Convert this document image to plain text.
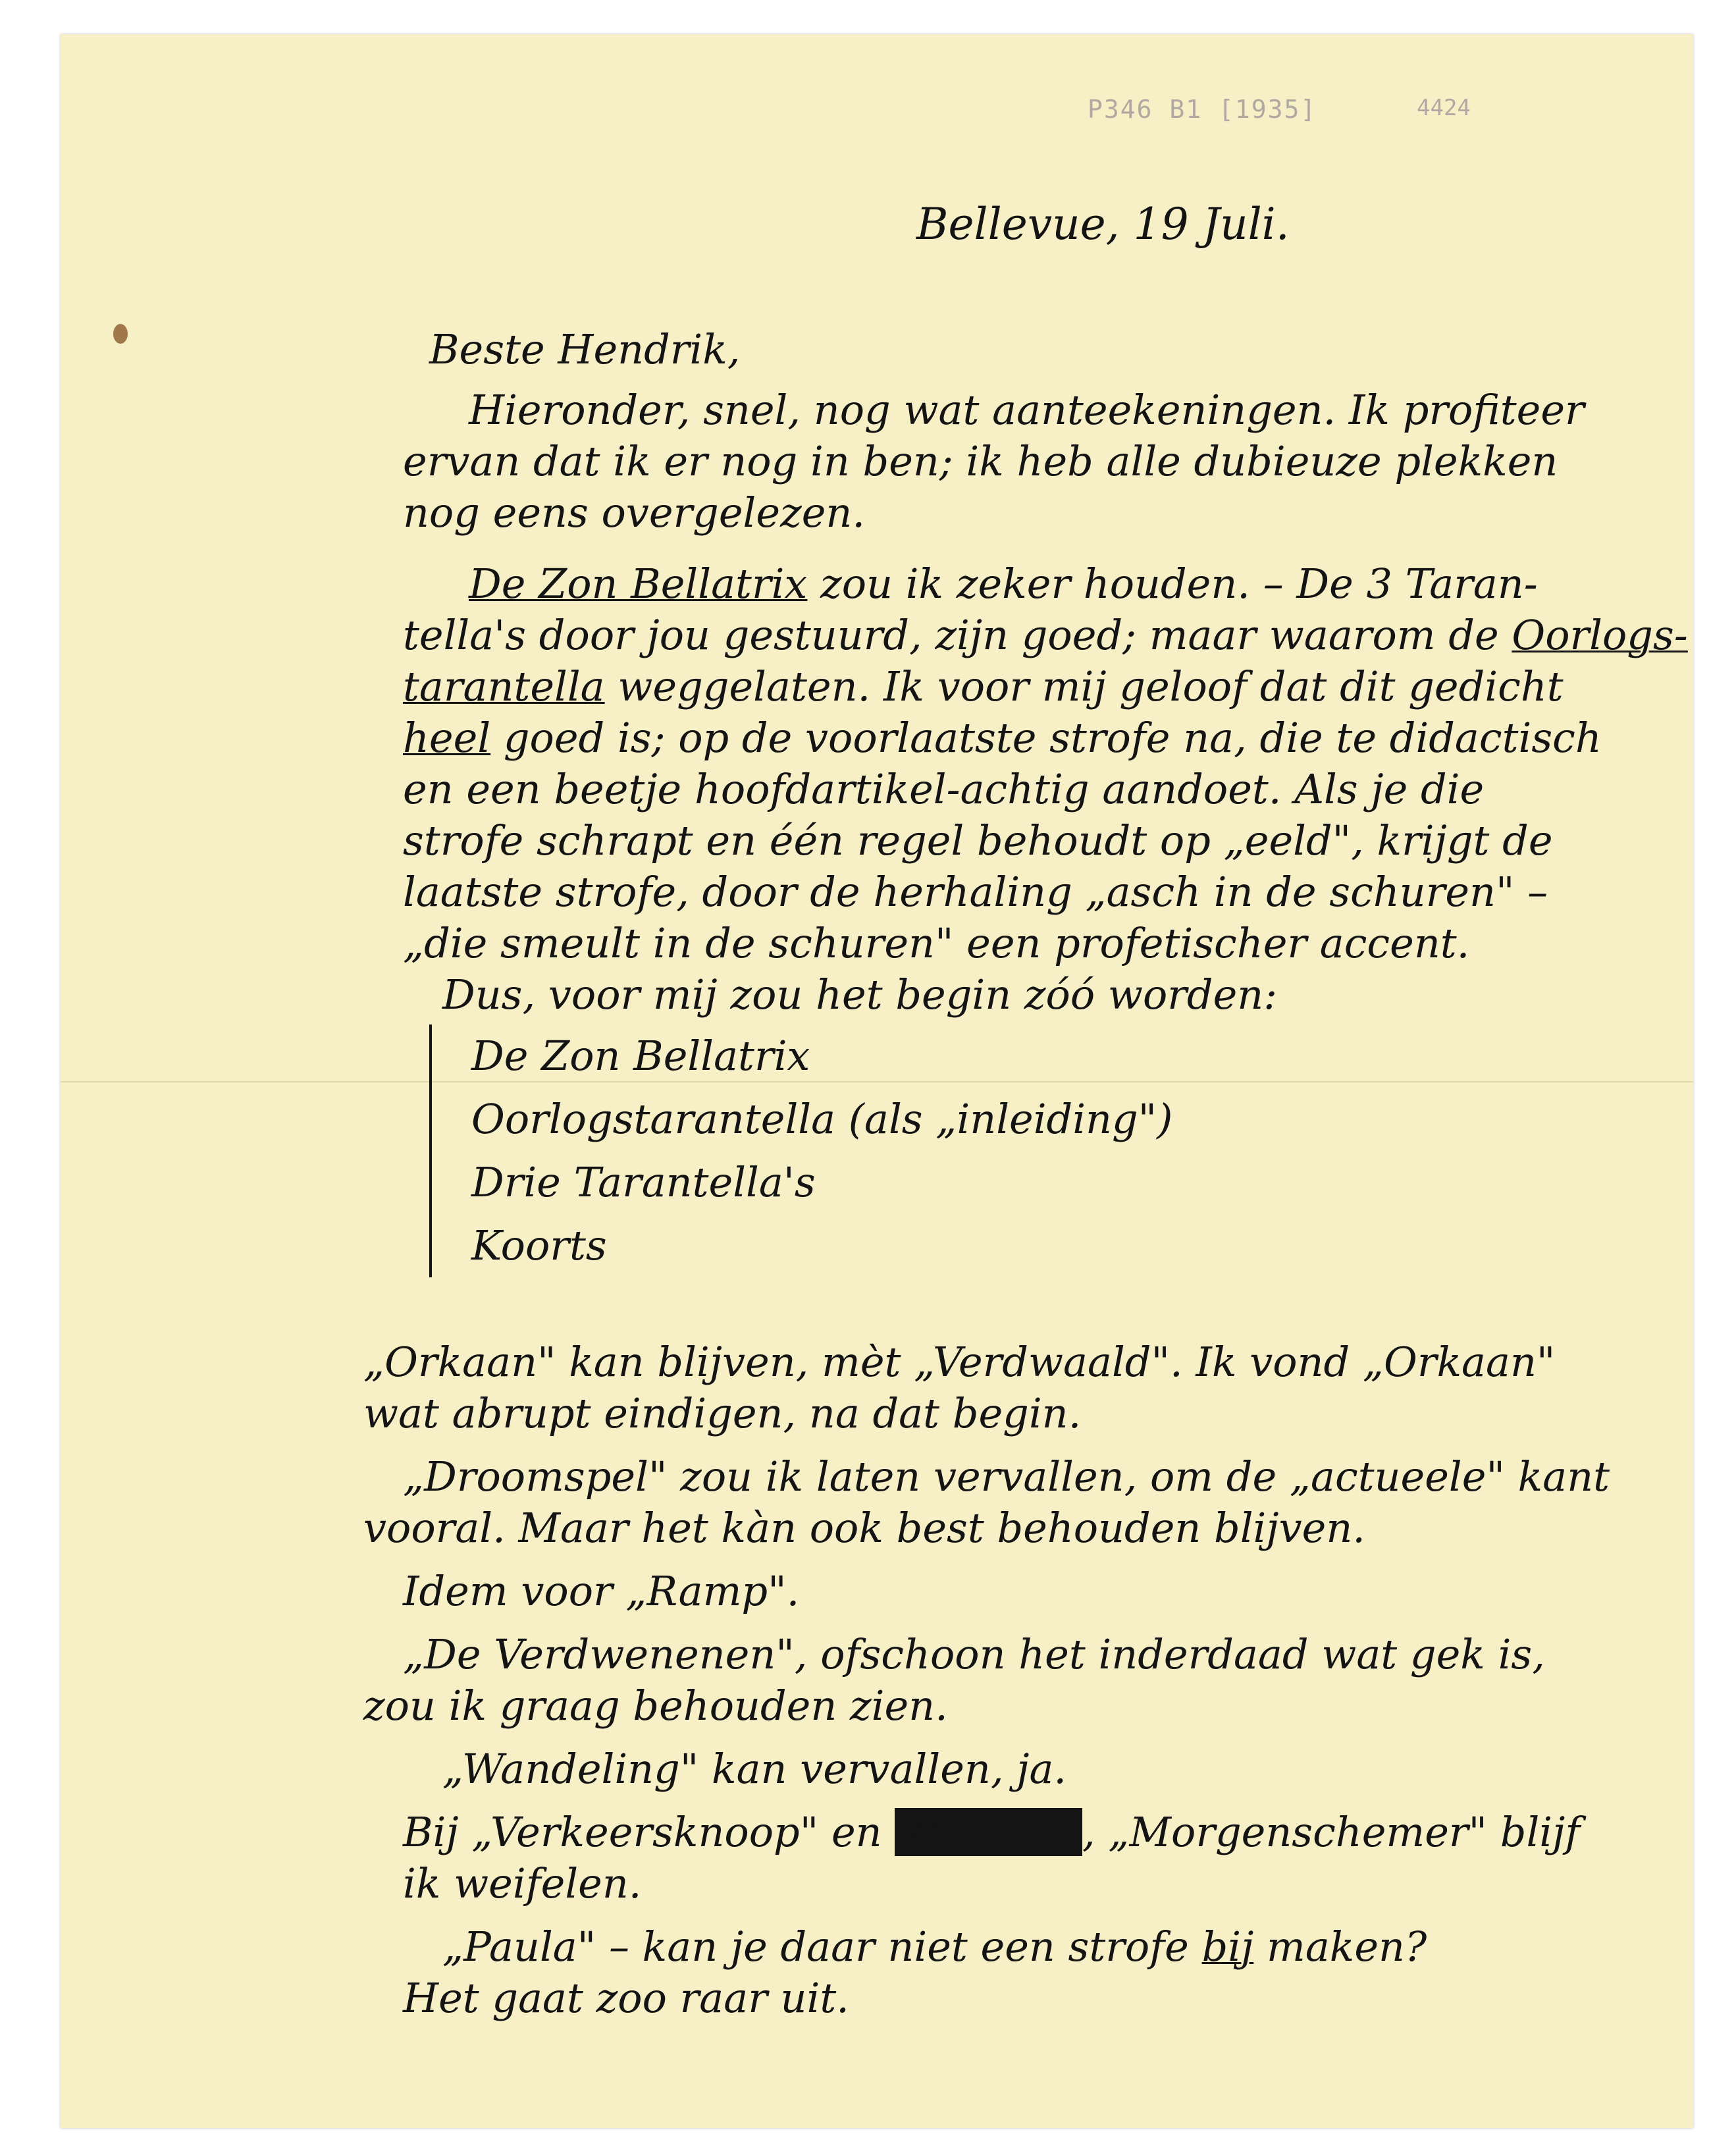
P346 B1 [1935]	4424
Bellevue, 19 Juli.
Beste Hendrik,
Hieronder, snel, nog wat aanteekeningen. Ik profiteer
ervan dat ik er nog in ben; ik heb alle dubieuze plekken
nog eens overgelezen.
De Zon Bellatrix zou ik zeker houden. – De 3 Taran-
tella's door jou gestuurd, zijn goed; maar waarom de Oorlogs-
tarantella weggelaten. Ik voor mij geloof dat dit gedicht
heel goed is; op de voorlaatste strofe na, die te didactisch
en een beetje hoofdartikel-achtig aandoet. Als je die
strofe schrapt en één regel behoudt op „eeld", krijgt de
laatste strofe, door de herhaling „asch in de schuren" –
„die smeult in de schuren" een profetischer accent.
Dus, voor mij zou het begin zóó worden:
De Zon Bellatrix
Oorlogstarantella (als „inleiding")
Drie Tarantella's
Koorts
„Orkaan" kan blijven, mèt „Verdwaald". Ik vond „Orkaan"
wat abrupt eindigen, na dat begin.
„Droomspel" zou ik laten vervallen, om de „actueele" kant
vooral. Maar het kàn ook best behouden blijven.
Idem voor „Ramp".
„De Verdwenenen", ofschoon het inderdaad wat gek is,
zou ik graag behouden zien.
„Wandeling" kan vervallen, ja.
Bij „Verkeersknoop" en Wa........., „Morgenschemer" blijf
ik weifelen.
„Paula" – kan je daar niet een strofe bij maken?
Het gaat zoo raar uit.
